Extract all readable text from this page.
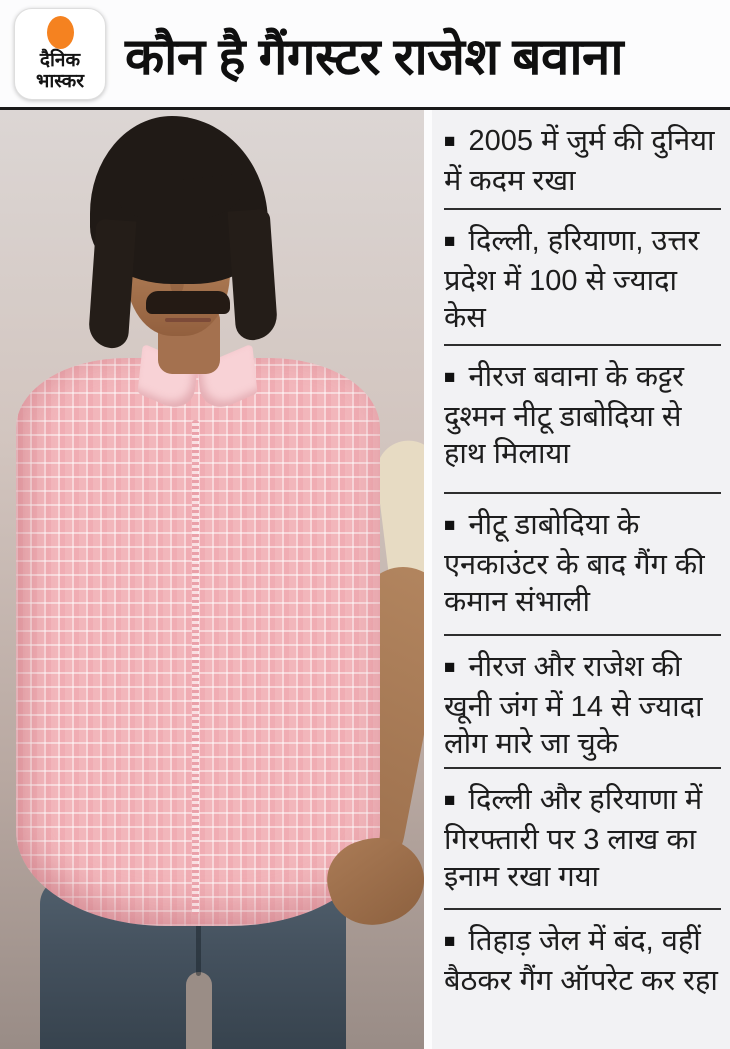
दैनिक
भास्कर कौन है गैंगस्टर राजेश बवाना

■ 2005 में जुर्म की दुनिया में कदम रखा

■ दिल्ली, हरियाणा, उत्तर प्रदेश में 100 से ज्यादा केस

■ नीरज बवाना के कट्टर दुश्मन नीटू डाबोदिया से हाथ मिलाया

■ नीटू डाबोदिया के एनकाउंटर के बाद गैंग की कमान संभाली

■ नीरज और राजेश की खूनी जंग में 14 से ज्यादा लोग मारे जा चुके

■ दिल्ली और हरियाणा में गिरफ्तारी पर 3 लाख का इनाम रखा गया

■ तिहाड़ जेल में बंद, वहीं बैठकर गैंग ऑपरेट कर रहा
